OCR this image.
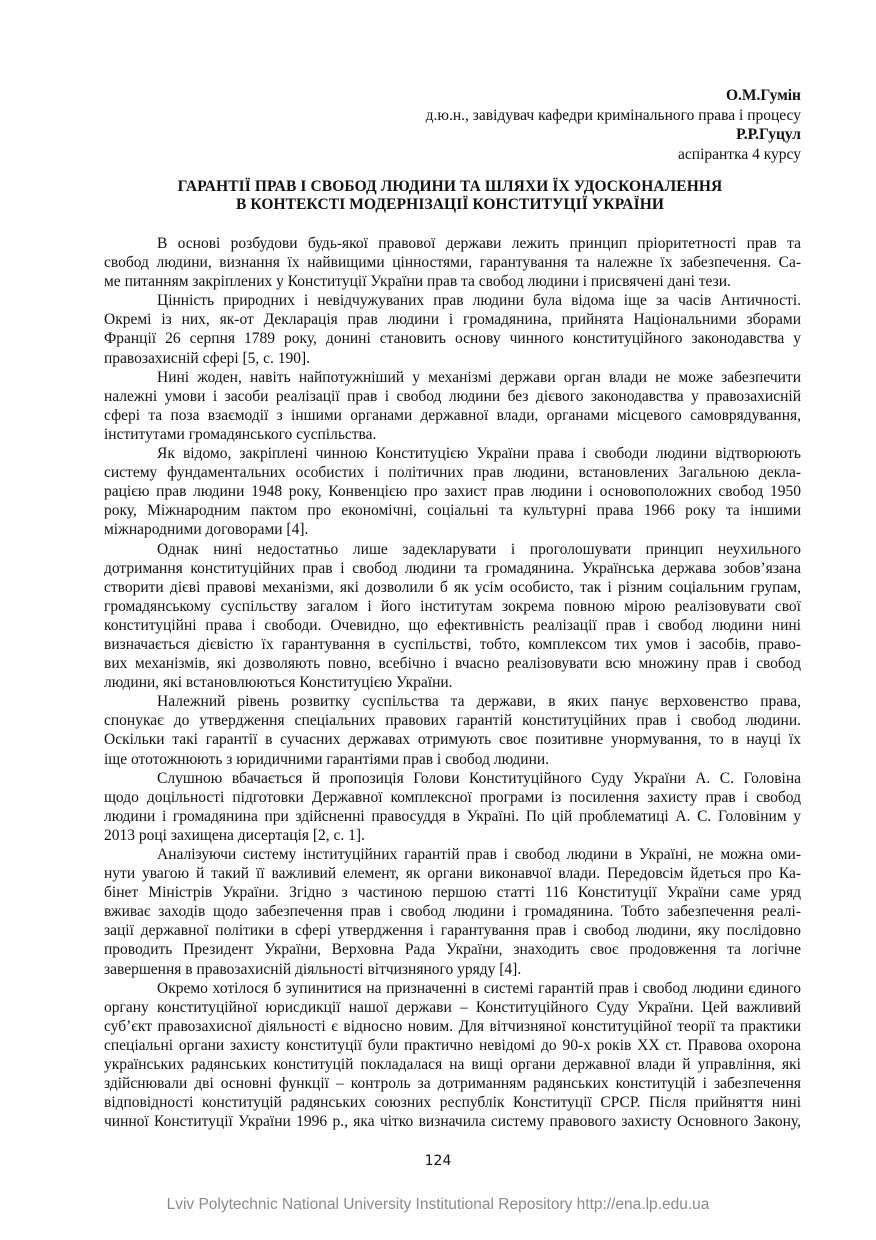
О.М.Гумін
д.ю.н., завідувач кафедри кримінального права і процесу
Р.Р.Гуцул
аспірантка 4 курсу
ГАРАНТІЇ ПРАВ І СВОБОД ЛЮДИНИ ТА ШЛЯХИ ЇХ УДОСКОНАЛЕННЯ
В КОНТЕКСТІ МОДЕРНІЗАЦІЇ КОНСТИТУЦІЇ УКРАЇНИ
В основі розбудови будь-якої правової держави лежить принцип пріоритетності прав та
свобод людини, визнання їх найвищими цінностями, гарантування та належне їх забезпечення. Са-
ме питанням закріплених у Конституції України прав та свобод людини і присвячені дані тези.
Цінність природних і невідчужуваних прав людини була відома іще за часів Античності.
Окремі із них, як-от Декларація прав людини і громадянина, прийнята Національними зборами
Франції 26 серпня 1789 року, донині становить основу чинного конституційного законодавства у
правозахисній сфері [5, с. 190].
Нині жоден, навіть найпотужніший у механізмі держави орган влади не може забезпечити
належні умови і засоби реалізації прав і свобод людини без дієвого законодавства у правозахисній
сфері та поза взаємодії з іншими органами державної влади, органами місцевого самоврядування,
інститутами громадянського суспільства.
Як відомо, закріплені чинною Конституцією України права і свободи людини відтворюють
систему фундаментальних особистих і політичних прав людини, встановлених Загальною декла-
рацією прав людини 1948 року, Конвенцією про захист прав людини і основоположних свобод 1950
року, Міжнародним пактом про економічні, соціальні та культурні права 1966 року та іншими
міжнародними договорами [4].
Однак нині недостатньо лише задекларувати і проголошувати принцип неухильного
дотримання конституційних прав і свобод людини та громадянина. Українська держава зобов’язана
створити дієві правові механізми, які дозволили б як усім особисто, так і різним соціальним групам,
громадянському суспільству загалом і його інститутам зокрема повною мірою реалізовувати свої
конституційні права і свободи. Очевидно, що ефективність реалізації прав і свобод людини нині
визначається дієвістю їх гарантування в суспільстві, тобто, комплексом тих умов і засобів, право-
вих механізмів, які дозволяють повно, всебічно і вчасно реалізовувати всю множину прав і свобод
людини, які встановлюються Конституцією України.
Належний рівень розвитку суспільства та держави, в яких панує верховенство права,
спонукає до утвердження спеціальних правових гарантій конституційних прав і свобод людини.
Оскільки такі гарантії в сучасних державах отримують своє позитивне унормування, то в науці їх
іще ототожнюють з юридичними гарантіями прав і свобод людини.
Слушною вбачається й пропозиція Голови Конституційного Суду України А. С. Головіна
щодо доцільності підготовки Державної комплексної програми із посилення захисту прав і свобод
людини і громадянина при здійсненні правосуддя в Україні. По цій проблематиці А. С. Головіним у
2013 році захищена дисертація [2, с. 1].
Аналізуючи систему інституційних гарантій прав і свобод людини в Україні, не можна оми-
нути увагою й такий її важливий елемент, як органи виконавчої влади. Передовсім йдеться про Ка-
бінет Міністрів України. Згідно з частиною першою статті 116 Конституції України саме уряд
вживає заходів щодо забезпечення прав і свобод людини і громадянина. Тобто забезпечення реалі-
зації державної політики в сфері утвердження і гарантування прав і свобод людини, яку послідовно
проводить Президент України, Верховна Рада України, знаходить своє продовження та логічне
завершення в правозахисній діяльності вітчизняного уряду [4].
Окремо хотілося б зупинитися на призначенні в системі гарантій прав і свобод людини єдиного
органу конституційної юрисдикції нашої держави – Конституційного Суду України. Цей важливий
суб’єкт правозахисної діяльності є відносно новим. Для вітчизняної конституційної теорії та практики
спеціальні органи захисту конституції були практично невідомі до 90-х років XX ст. Правова охорона
українських радянських конституцій покладалася на вищі органи державної влади й управління, які
здійснювали дві основні функції – контроль за дотриманням радянських конституцій і забезпечення
відповідності конституцій радянських союзних республік Конституції СРСР. Після прийняття нині
чинної Конституції України 1996 р., яка чітко визначила систему правового захисту Основного Закону,
124
Lviv Polytechnic National University Institutional Repository http://ena.lp.edu.ua
